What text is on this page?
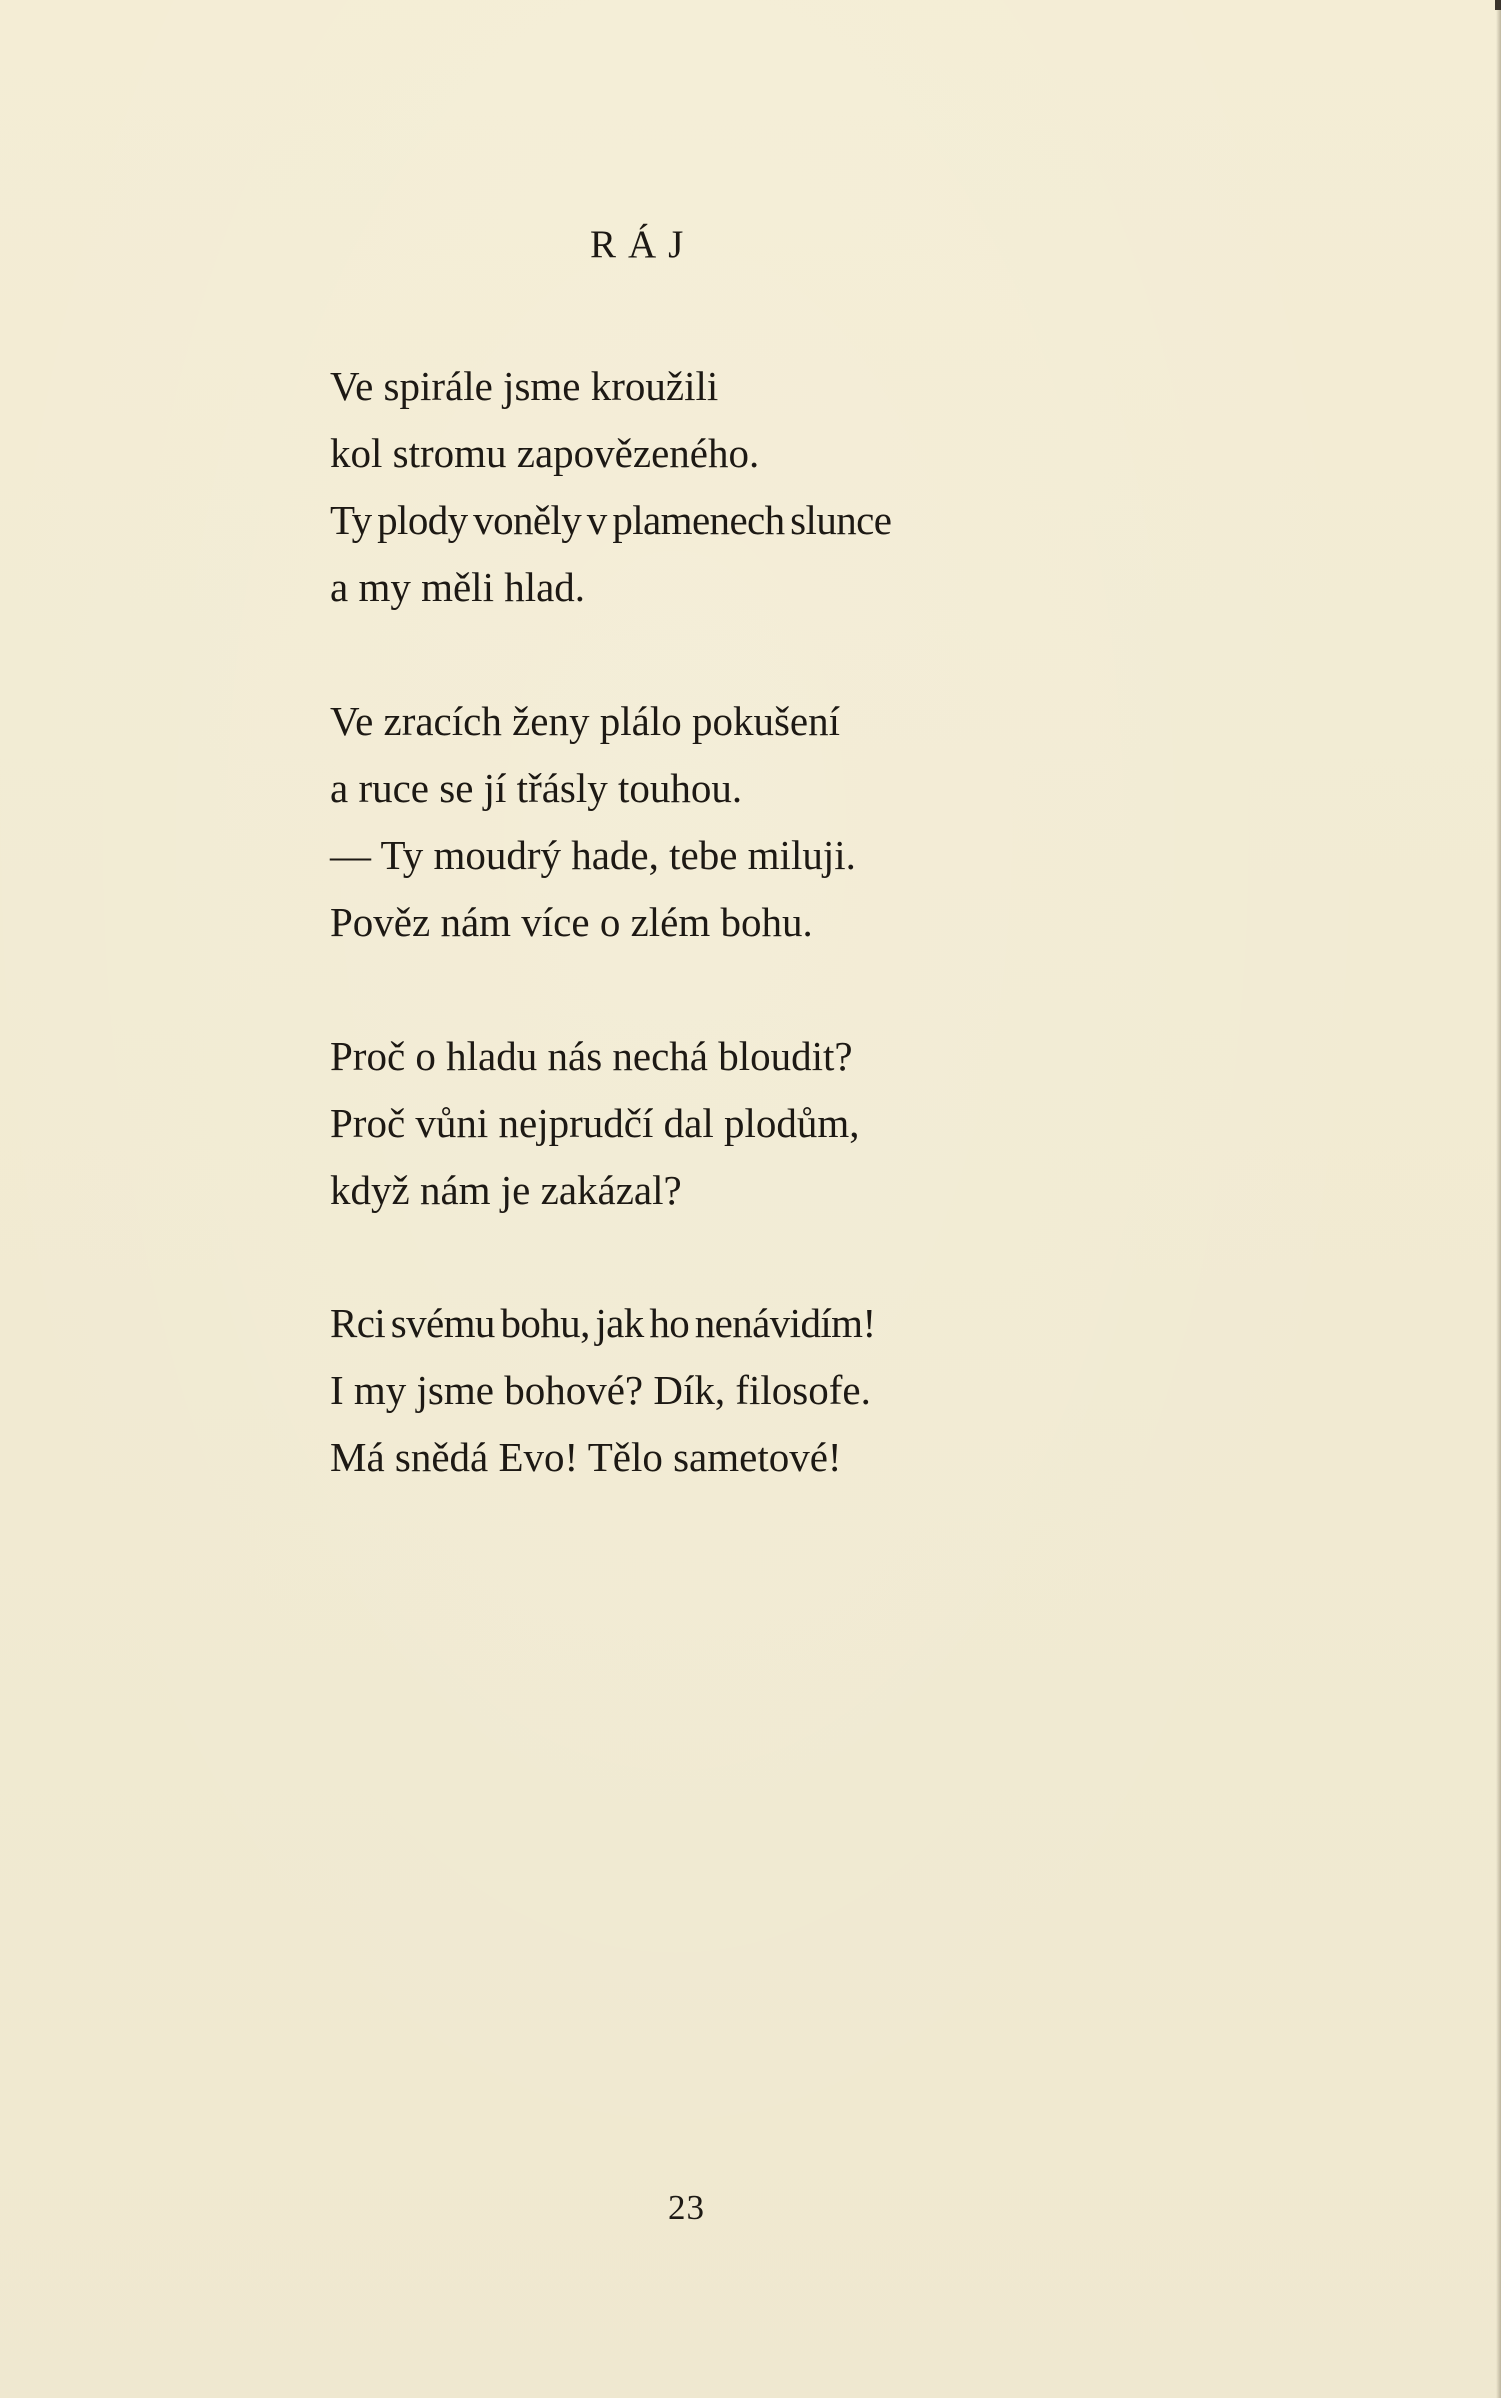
RÁJ
Ve spirále jsme kroužili
kol stromu zapovězeného.
Ty plody voněly v plamenech slunce
a my měli hlad.
Ve zracích ženy plálo pokušení
a ruce se jí třásly touhou.
— Ty moudrý hade, tebe miluji.
Pověz nám více o zlém bohu.
Proč o hladu nás nechá bloudit?
Proč vůni nejprudčí dal plodům,
když nám je zakázal?
Rci svému bohu, jak ho nenávidím!
I my jsme bohové? Dík, filosofe.
Má snědá Evo! Tělo sametové!
23
